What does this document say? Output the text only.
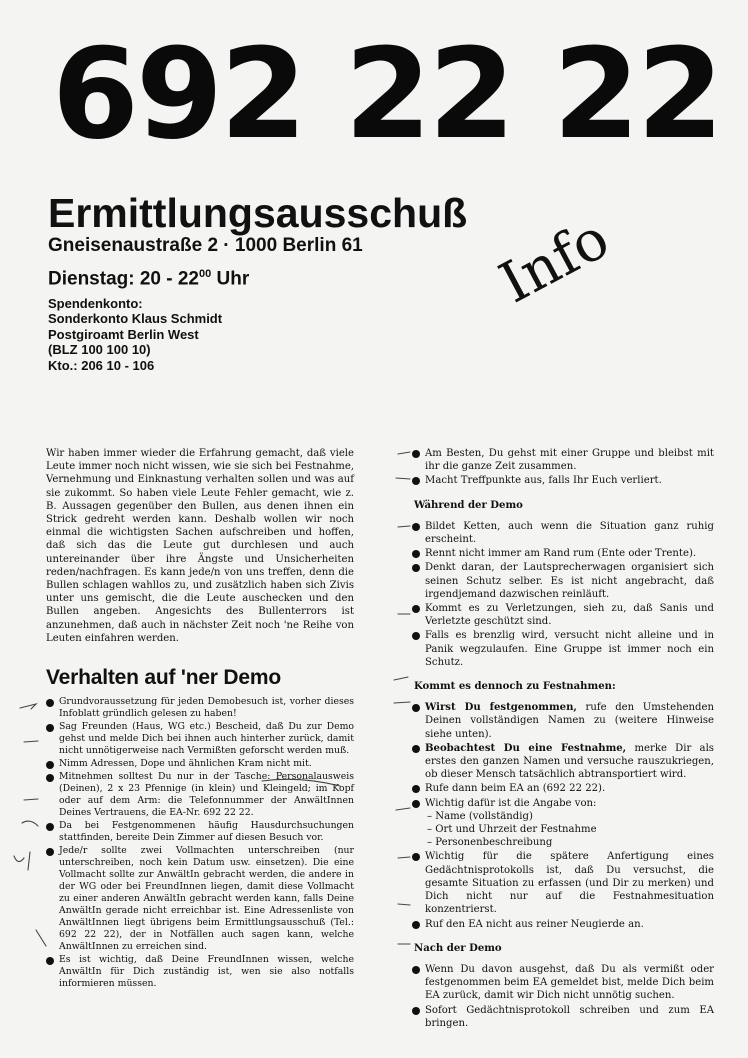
692 22 22
Ermittlungsausschuß
Gneisenaustraße 2 · 1000 Berlin 61
Dienstag: $20 - 22^{00}$ Uhr
Spendenkonto:
Sonderkonto Klaus Schmidt
Postgiroamt Berlin West
(BLZ 100 100 10)
Kto.: 206 10 - 106
Info

Wir haben immer wieder die Erfahrung gemacht, daß viele Leute immer noch nicht wissen, wie sie sich bei Festnahme, Vernehmung und Einknastung verhalten sollen und was auf sie zukommt. So haben viele Leute Fehler gemacht, wie z. B. Aussagen gegenüber den Bullen, aus denen ihnen ein Strick gedreht werden kann. Deshalb wollen wir noch einmal die wichtigsten Sachen aufschreiben und hoffen, daß sich das die Leute gut durchlesen und auch untereinander über ihre Ängste und Unsicherheiten reden/nachfragen. Es kann jede/n von uns treffen, denn die Bullen schlagen wahllos zu, und zusätzlich haben sich Zivis unter uns gemischt, die die Leute auschecken und den Bullen angeben. Angesichts des Bullenterrors ist anzunehmen, daß auch in nächster Zeit noch 'ne Reihe von Leuten einfahren werden.

Verhalten auf 'ner Demo
Grundvoraussetzung für jeden Demobesuch ist, vorher dieses Infoblatt gründlich gelesen zu haben!
Sag Freunden (Haus, WG etc.) Bescheid, daß Du zur Demo gehst und melde Dich bei ihnen auch hinterher zurück, damit nicht unnötigerweise nach Vermißten geforscht werden muß.
Nimm Adressen, Dope und ähnlichen Kram nicht mit.
Mitnehmen solltest Du nur in der Tasche: Personalausweis (Deinen), 2 x 23 Pfennige (in klein) und Kleingeld; im Kopf oder auf dem Arm: die Telefonnummer der AnwältInnen Deines Vertrauens, die EA-Nr. 692 22 22.
Da bei Festgenommenen häufig Hausdurchsuchungen stattfinden, bereite Dein Zimmer auf diesen Besuch vor.
Jede/r sollte zwei Vollmachten unterschreiben (nur unterschreiben, noch kein Datum usw. einsetzen). Die eine Vollmacht sollte zur AnwältIn gebracht werden, die andere in der WG oder bei FreundInnen liegen, damit diese Vollmacht zu einer anderen AnwältIn gebracht werden kann, falls Deine AnwältIn gerade nicht erreichbar ist. Eine Adressenliste von AnwältInnen liegt übrigens beim Ermittlungsausschuß (Tel.: 692 22 22), der in Notfällen auch sagen kann, welche AnwältInnen zu erreichen sind.
Es ist wichtig, daß Deine FreundInnen wissen, welche AnwältIn für Dich zuständig ist, wen sie also notfalls informieren müssen.
Am Besten, Du gehst mit einer Gruppe und bleibst mit ihr die ganze Zeit zusammen.
Macht Treffpunkte aus, falls Ihr Euch verliert.
Während der Demo
Bildet Ketten, auch wenn die Situation ganz ruhig erscheint.
Rennt nicht immer am Rand rum (Ente oder Trente).
Denkt daran, der Lautsprecherwagen organisiert sich seinen Schutz selber. Es ist nicht angebracht, daß irgendjemand dazwischen reinläuft.
Kommt es zu Verletzungen, sieh zu, daß Sanis und Verletzte geschützt sind.
Falls es brenzlig wird, versucht nicht alleine und in Panik wegzulaufen. Eine Gruppe ist immer noch ein Schutz.
Kommt es dennoch zu Festnahmen:
Wirst Du festgenommen, rufe den Umstehenden Deinen vollständigen Namen zu (weitere Hinweise siehe unten).
Beobachtest Du eine Festnahme, merke Dir als erstes den ganzen Namen und versuche rauszukriegen, ob dieser Mensch tatsächlich abtransportiert wird.
Rufe dann beim EA an (692 22 22).
Wichtig dafür ist die Angabe von:
– Name (vollständig)
– Ort und Uhrzeit der Festnahme
– Personenbeschreibung
Wichtig für die spätere Anfertigung eines Gedächtnisprotokolls ist, daß Du versuchst, die gesamte Situation zu erfassen (und Dir zu merken) und Dich nicht nur auf die Festnahmesituation konzentrierst.
Ruf den EA nicht aus reiner Neugierde an.
Nach der Demo
Wenn Du davon ausgehst, daß Du als vermißt oder festgenommen beim EA gemeldet bist, melde Dich beim EA zurück, damit wir Dich nicht unnötig suchen.
Sofort Gedächtnisprotokoll schreiben und zum EA bringen.
